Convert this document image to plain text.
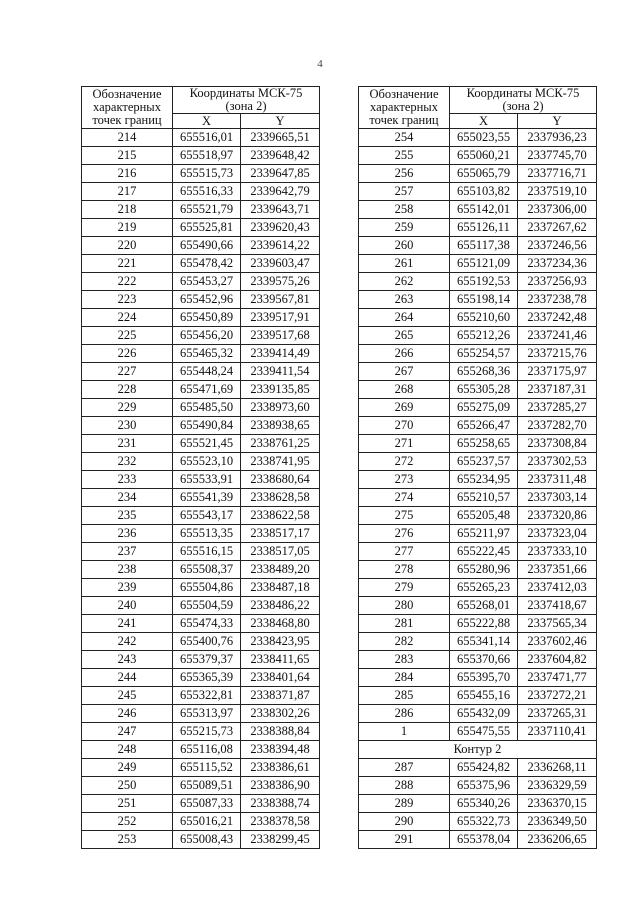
4
Обозначение характерных точек границ	Координаты МСК-75 (зона 2)	
	X	Y
214	655516,01	2339665,51
215	655518,97	2339648,42
216	655515,73	2339647,85
217	655516,33	2339642,79
218	655521,79	2339643,71
219	655525,81	2339620,43
220	655490,66	2339614,22
221	655478,42	2339603,47
222	655453,27	2339575,26
223	655452,96	2339567,81
224	655450,89	2339517,91
225	655456,20	2339517,68
226	655465,32	2339414,49
227	655448,24	2339411,54
228	655471,69	2339135,85
229	655485,50	2338973,60
230	655490,84	2338938,65
231	655521,45	2338761,25
232	655523,10	2338741,95
233	655533,91	2338680,64
234	655541,39	2338628,58
235	655543,17	2338622,58
236	655513,35	2338517,17
237	655516,15	2338517,05
238	655508,37	2338489,20
239	655504,86	2338487,18
240	655504,59	2338486,22
241	655474,33	2338468,80
242	655400,76	2338423,95
243	655379,37	2338411,65
244	655365,39	2338401,64
245	655322,81	2338371,87
246	655313,97	2338302,26
247	655215,73	2338388,84
248	655116,08	2338394,48
249	655115,52	2338386,61
250	655089,51	2338386,90
251	655087,33	2338388,74
252	655016,21	2338378,58
253	655008,43	2338299,45
Обозначение характерных точек границ	Координаты МСК-75 (зона 2)	
	X	Y
254	655023,55	2337936,23
255	655060,21	2337745,70
256	655065,79	2337716,71
257	655103,82	2337519,10
258	655142,01	2337306,00
259	655126,11	2337267,62
260	655117,38	2337246,56
261	655121,09	2337234,36
262	655192,53	2337256,93
263	655198,14	2337238,78
264	655210,60	2337242,48
265	655212,26	2337241,46
266	655254,57	2337215,76
267	655268,36	2337175,97
268	655305,28	2337187,31
269	655275,09	2337285,27
270	655266,47	2337282,70
271	655258,65	2337308,84
272	655237,57	2337302,53
273	655234,95	2337311,48
274	655210,57	2337303,14
275	655205,48	2337320,86
276	655211,97	2337323,04
277	655222,45	2337333,10
278	655280,96	2337351,66
279	655265,23	2337412,03
280	655268,01	2337418,67
281	655222,88	2337565,34
282	655341,14	2337602,46
283	655370,66	2337604,82
284	655395,70	2337471,77
285	655455,16	2337272,21
286	655432,09	2337265,31
1	655475,55	2337110,41
Контур 2		
287	655424,82	2336268,11
288	655375,96	2336329,59
289	655340,26	2336370,15
290	655322,73	2336349,50
291	655378,04	2336206,65
